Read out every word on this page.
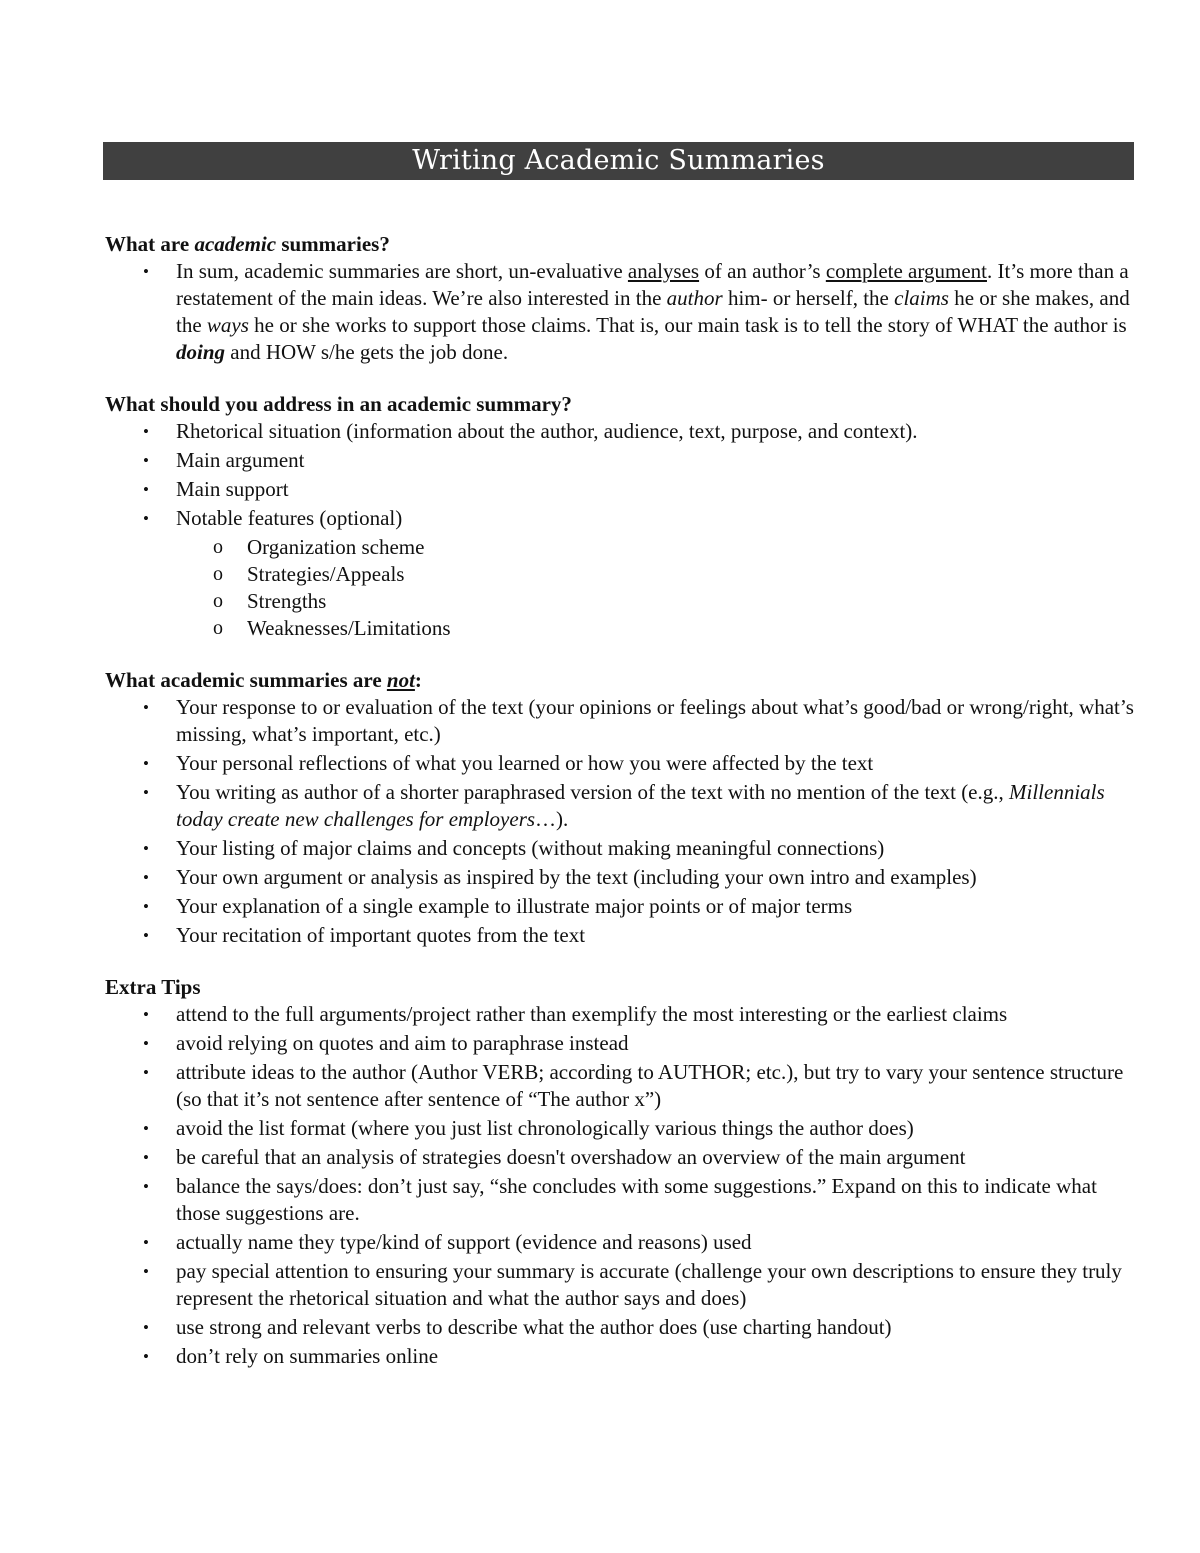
Writing Academic Summaries

What are academic summaries?

• In sum, academic summaries are short, un-evaluative analyses of an author’s complete argument. It’s more than a restatement of the main ideas. We’re also interested in the author him- or herself, the claims he or she makes, and the ways he or she works to support those claims. That is, our main task is to tell the story of WHAT the author is doing and HOW s/he gets the job done.

What should you address in an academic summary?

• Rhetorical situation (information about the author, audience, text, purpose, and context).
• Main argument
• Main support
• Notable features (optional)
o Organization scheme
o Strategies/Appeals
o Strengths
o Weaknesses/Limitations

What academic summaries are not:

• Your response to or evaluation of the text (your opinions or feelings about what’s good/bad or wrong/right, what’s missing, what’s important, etc.)
• Your personal reflections of what you learned or how you were affected by the text
• You writing as author of a shorter paraphrased version of the text with no mention of the text (e.g., Millennials today create new challenges for employers…).
• Your listing of major claims and concepts (without making meaningful connections)
• Your own argument or analysis as inspired by the text (including your own intro and examples)
• Your explanation of a single example to illustrate major points or of major terms
• Your recitation of important quotes from the text

Extra Tips

• attend to the full arguments/project rather than exemplify the most interesting or the earliest claims
• avoid relying on quotes and aim to paraphrase instead
• attribute ideas to the author (Author VERB; according to AUTHOR; etc.), but try to vary your sentence structure (so that it’s not sentence after sentence of “The author x”)
• avoid the list format (where you just list chronologically various things the author does)
• be careful that an analysis of strategies doesn't overshadow an overview of the main argument
• balance the says/does: don’t just say, “she concludes with some suggestions.” Expand on this to indicate what those suggestions are.
• actually name they type/kind of support (evidence and reasons) used
• pay special attention to ensuring your summary is accurate (challenge your own descriptions to ensure they truly represent the rhetorical situation and what the author says and does)
• use strong and relevant verbs to describe what the author does (use charting handout)
• don’t rely on summaries online
